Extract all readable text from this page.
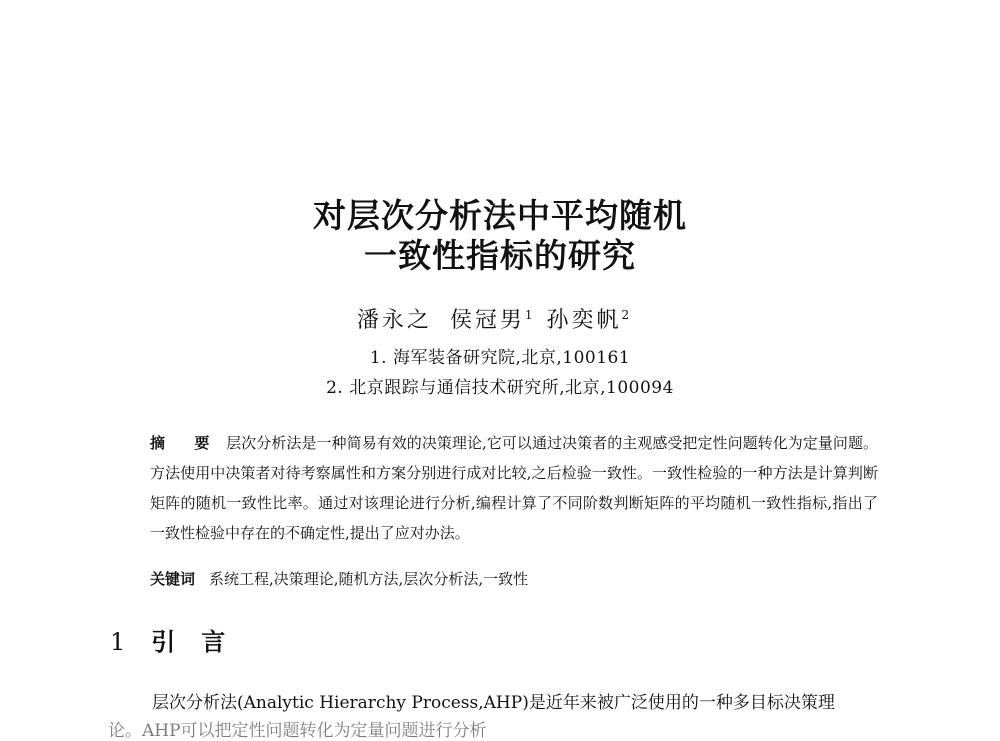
对层次分析法中平均随机
一致性指标的研究
潘永之 侯冠男$^1$ 孙奕帆$^2$
1. 海军装备研究院,北京,100161
2. 北京跟踪与通信技术研究所,北京,100094
摘 要 层次分析法是一种简易有效的决策理论,它可以通过决策者的主观感受把定性问题转化为定量问题。方法使用中决策者对待考察属性和方案分别进行成对比较,之后检验一致性。一致性检验的一种方法是计算判断矩阵的随机一致性比率。通过对该理论进行分析,编程计算了不同阶数判断矩阵的平均随机一致性指标,指出了一致性检验中存在的不确定性,提出了应对办法。
关键词 系统工程,决策理论,随机方法,层次分析法,一致性
1 引言
层次分析法(Analytic Hierarchy Process,AHP)是近年来被广泛使用的一种多目标决策理
论。AHP可以把定性问题转化为定量问题进行分析
